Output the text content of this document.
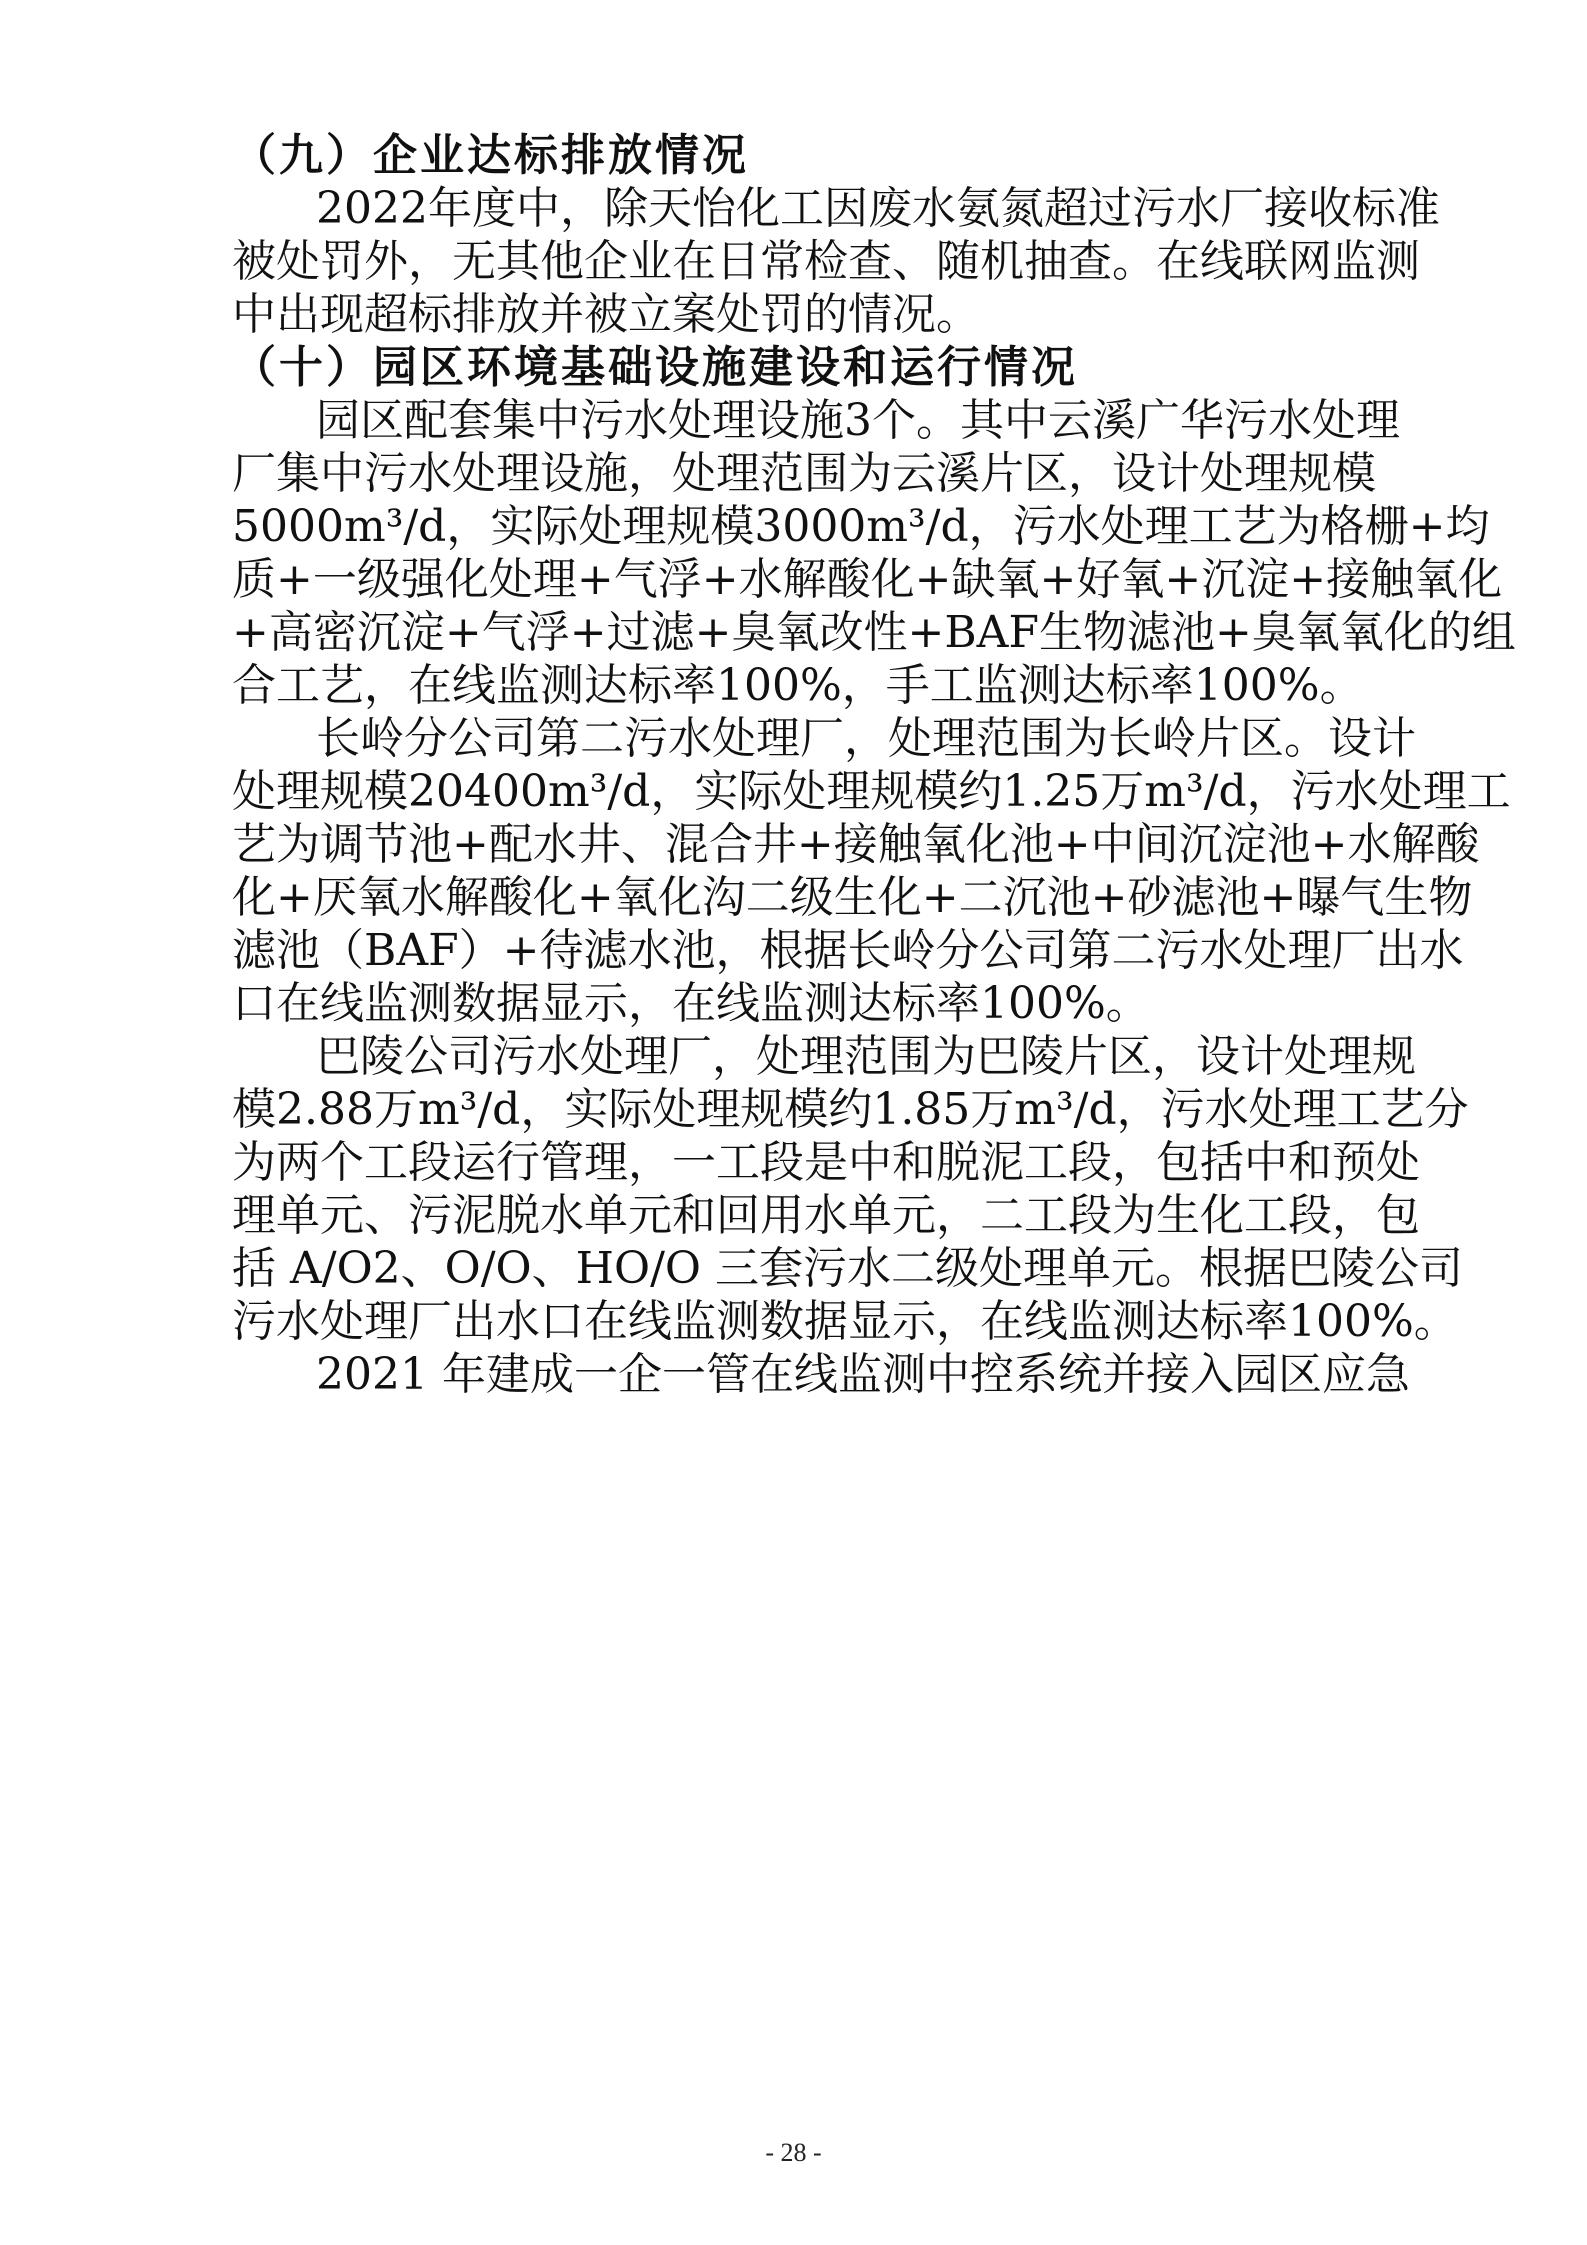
（九）企业达标排放情况
2022年度中，除天怡化工因废水氨氮超过污水厂接收标准
被处罚外，无其他企业在日常检查、随机抽查。在线联网监测
中出现超标排放并被立案处罚的情况。
（十）园区环境基础设施建设和运行情况
园区配套集中污水处理设施3个。其中云溪广华污水处理
厂集中污水处理设施，处理范围为云溪片区，设计处理规模
5000m³/d，实际处理规模3000m³/d，污水处理工艺为格栅+均
质+一级强化处理+气浮+水解酸化+缺氧+好氧+沉淀+接触氧化
+高密沉淀+气浮+过滤+臭氧改性+BAF生物滤池+臭氧氧化的组
合工艺，在线监测达标率100%，手工监测达标率100%。
长岭分公司第二污水处理厂，处理范围为长岭片区。设计
处理规模20400m³/d，实际处理规模约1.25万m³/d，污水处理工
艺为调节池+配水井、混合井+接触氧化池+中间沉淀池+水解酸
化+厌氧水解酸化+氧化沟二级生化+二沉池+砂滤池+曝气生物
滤池（BAF）+待滤水池，根据长岭分公司第二污水处理厂出水
口在线监测数据显示，在线监测达标率100%。
巴陵公司污水处理厂，处理范围为巴陵片区，设计处理规
模2.88万m³/d，实际处理规模约1.85万m³/d，污水处理工艺分
为两个工段运行管理，一工段是中和脱泥工段，包括中和预处
理单元、污泥脱水单元和回用水单元，二工段为生化工段，包
括 A/O2、O/O、HO/O 三套污水二级处理单元。根据巴陵公司
污水处理厂出水口在线监测数据显示，在线监测达标率100%。
2021 年建成一企一管在线监测中控系统并接入园区应急
- 28 -
